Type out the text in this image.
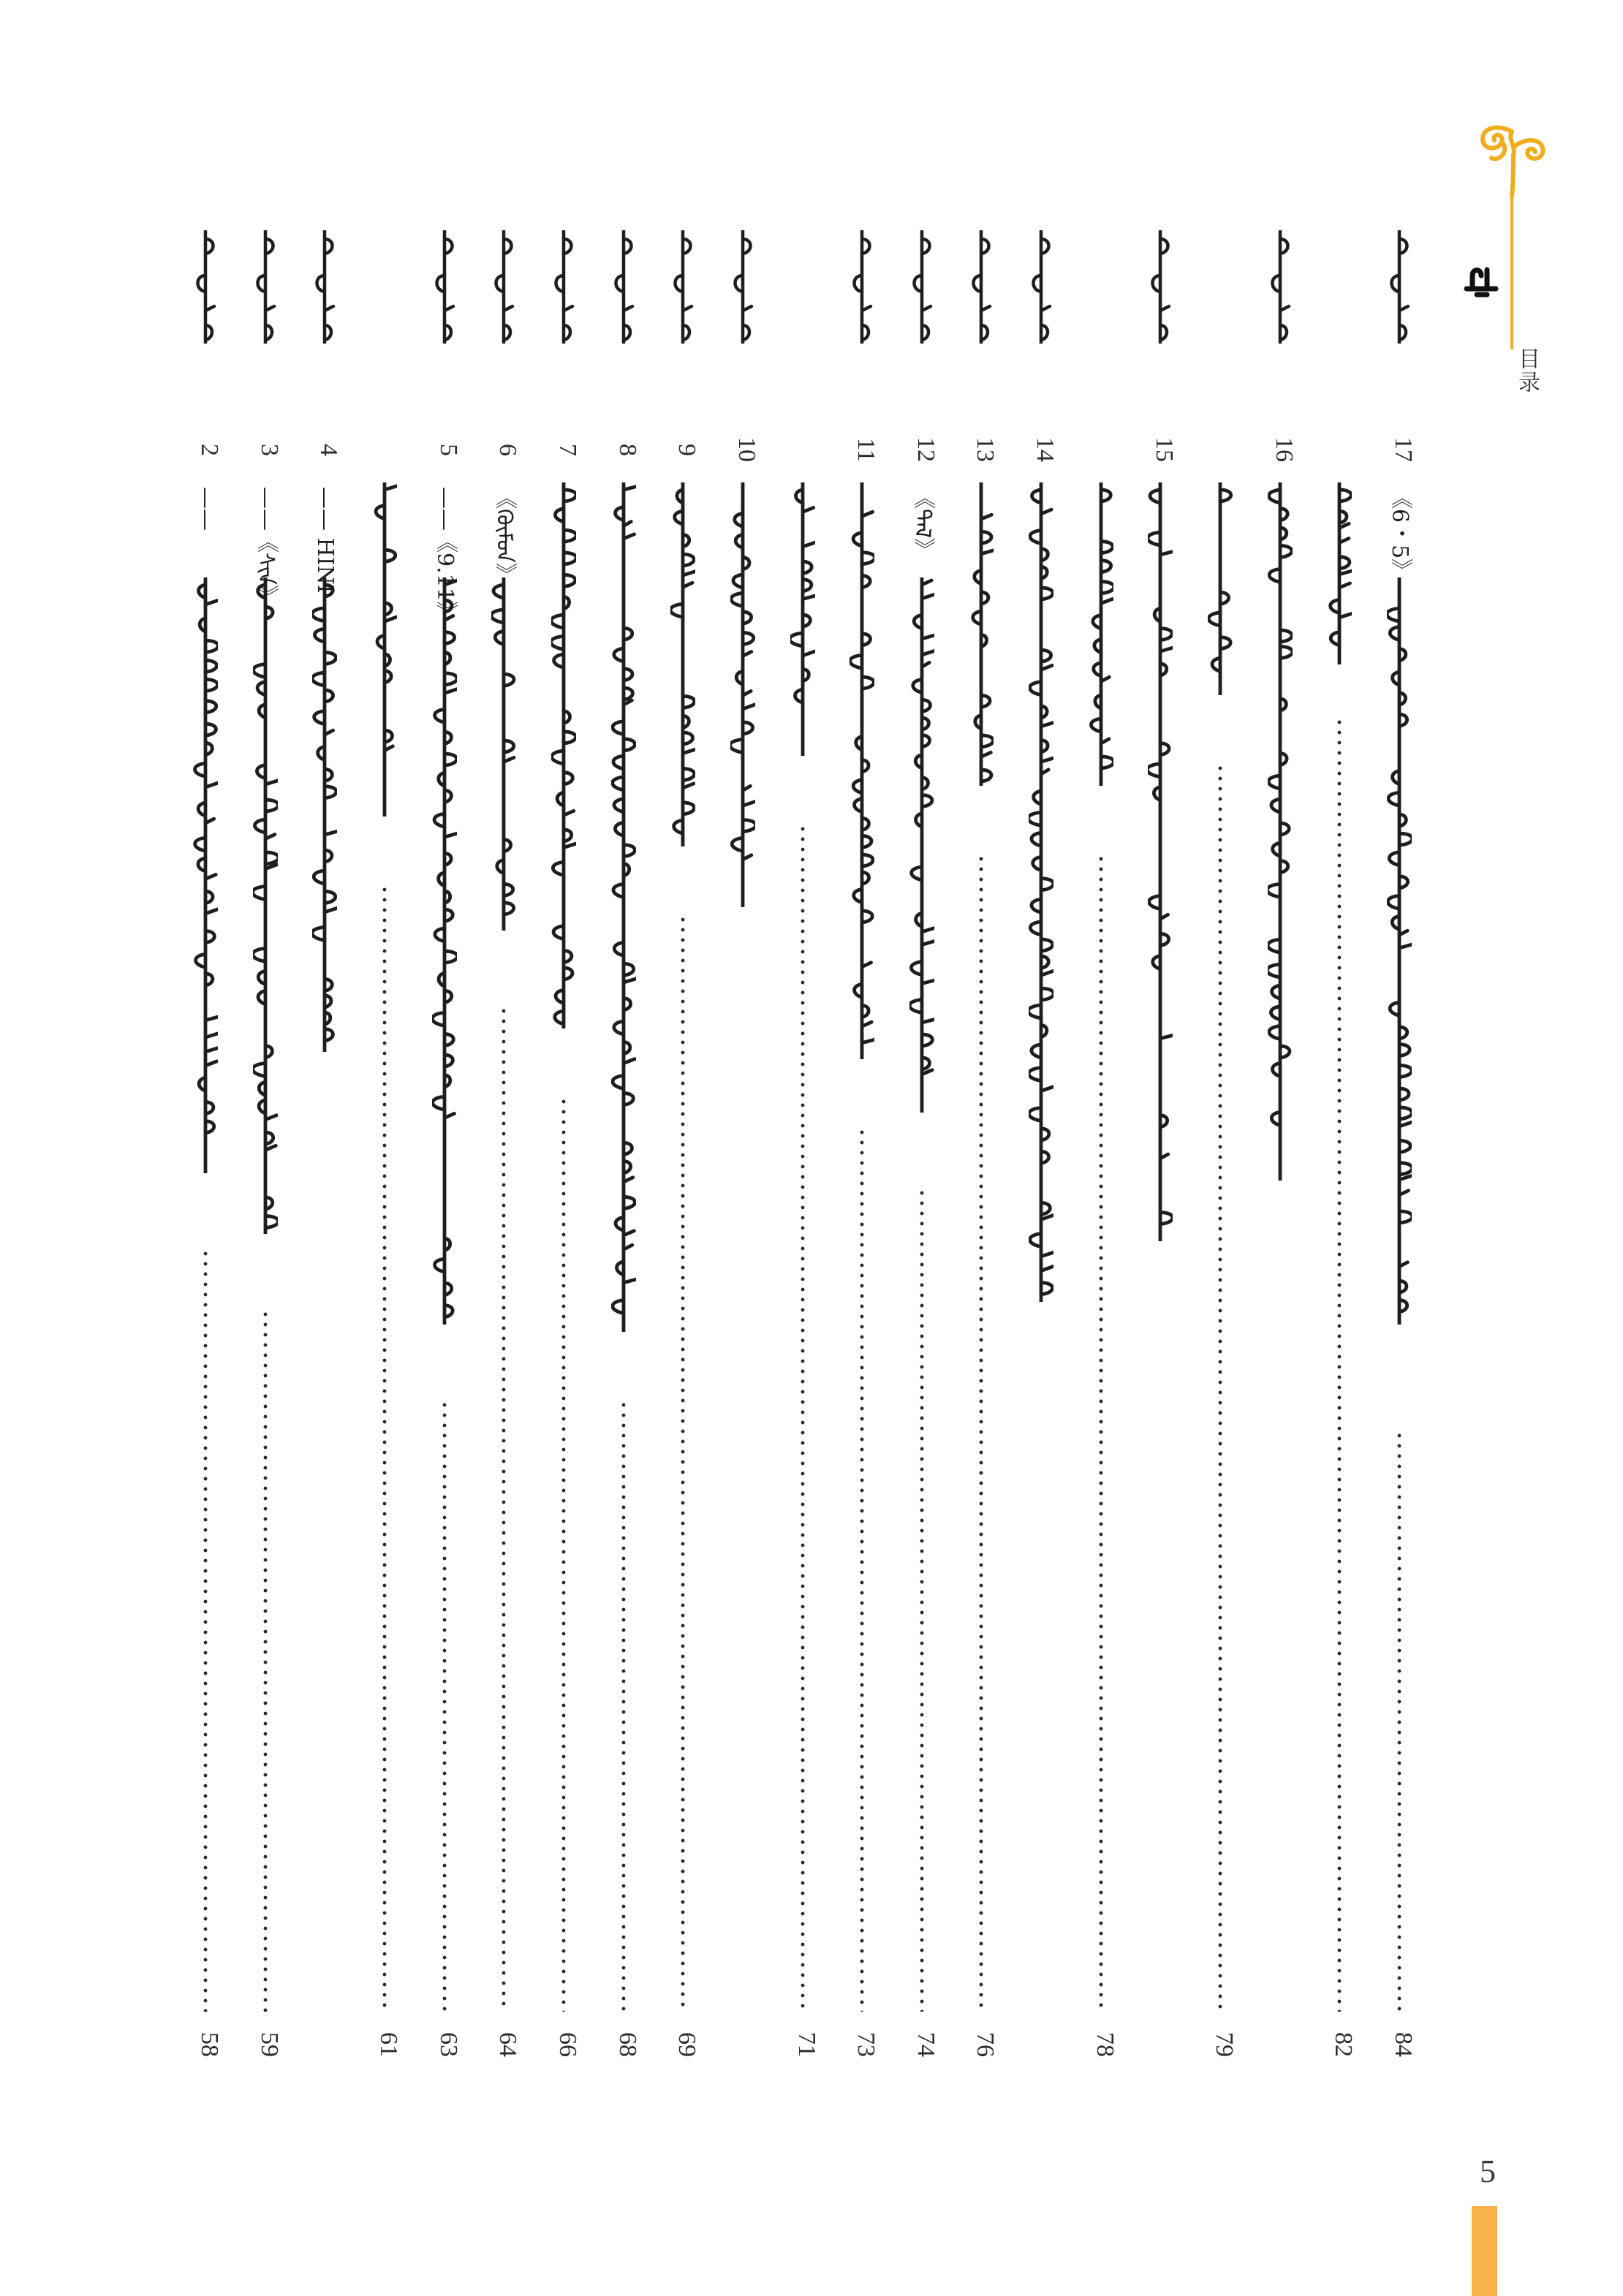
目录
17
《6・5》
84
82
16
79
15
78
14
13
76
12
《ᠲᠠᠯ》
74
11
73
71
10
9
69
8
68
7
66
6
《ᠬᠦᠮᠦᠨ》
64
5
——《9.11》
63
61
4
—— HINI
3
——《ᠰᠢᠨ》
59
2
——
58
5
